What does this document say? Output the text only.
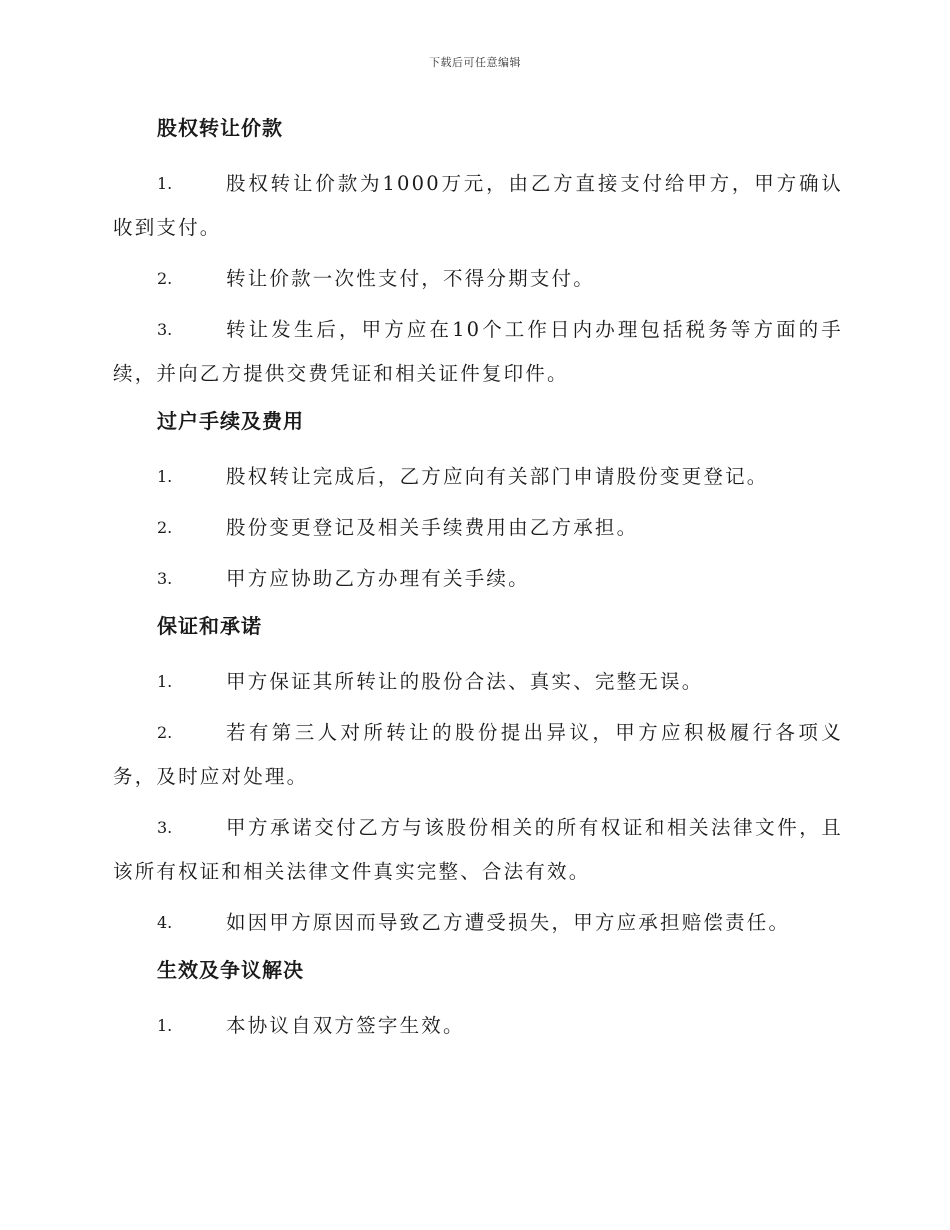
下载后可任意编辑
股权转让价款
1.	股权转让价款为1000万元，由乙方直接支付给甲方，甲方确认收到支付。
2.	转让价款一次性支付，不得分期支付。
3.	转让发生后，甲方应在10个工作日内办理包括税务等方面的手续，并向乙方提供交费凭证和相关证件复印件。
过户手续及费用
1.	股权转让完成后，乙方应向有关部门申请股份变更登记。
2.	股份变更登记及相关手续费用由乙方承担。
3.	甲方应协助乙方办理有关手续。
保证和承诺
1.	甲方保证其所转让的股份合法、真实、完整无误。
2.	若有第三人对所转让的股份提出异议，甲方应积极履行各项义务，及时应对处理。
3.	甲方承诺交付乙方与该股份相关的所有权证和相关法律文件，且该所有权证和相关法律文件真实完整、合法有效。
4.	如因甲方原因而导致乙方遭受损失，甲方应承担赔偿责任。
生效及争议解决
1.	本协议自双方签字生效。
